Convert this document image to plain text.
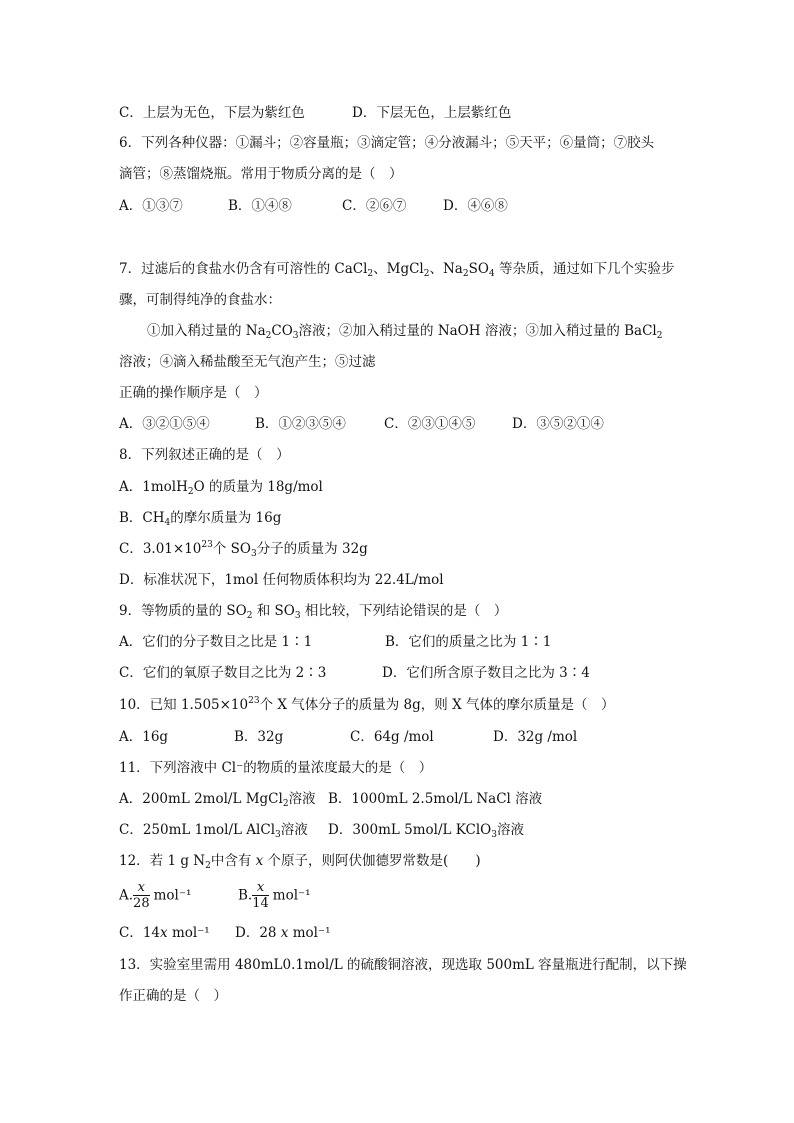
C．上层为无色，下层为紫红色	D．下层无色，上层紫红色
6．下列各种仪器：①漏斗；②容量瓶；③滴定管；④分液漏斗；⑤天平；⑥量筒；⑦胶头
滴管；⑧蒸馏烧瓶。常用于物质分离的是（　）
A．①③⑦	B．①④⑧	C．②⑥⑦	D．④⑥⑧
7．过滤后的食盐水仍含有可溶性的 CaCl$_2$、MgCl$_2$、$Na_2SO_4$ 等杂质，通过如下几个实验步
骤，可制得纯净的食盐水：
①加入稍过量的 $Na_2CO_3$溶液；②加入稍过量的 NaOH 溶液；③加入稍过量的 BaCl$_2$
溶液；④滴入稀盐酸至无气泡产生；⑤过滤
正确的操作顺序是（　）
A．③②①⑤④	B．①②③⑤④	C．②③①④⑤	D．③⑤②①④
8．下列叙述正确的是（　）
A．1molH$_2$O 的质量为 18g/mol
B．$CH_4$的摩尔质量为 16g
C．$3.01\times 10^{23}$个 $SO_3$分子的质量为 32g
D．标准状况下，1mol 任何物质体积均为 22.4L/mol
9．等物质的量的 $SO_2$ 和 $SO_3$ 相比较，下列结论错误的是（　）
A．它们的分子数目之比是 1∶1	B．它们的质量之比为 1∶1
C．它们的氧原子数目之比为 2∶3	D．它们所含原子数目之比为 3∶4
10．已知 $1.505\times 10^{23}$个 X 气体分子的质量为 8g，则 X 气体的摩尔质量是（　）
A．16g	B．32g	C．64g /mol	D．32g /mol
11．下列溶液中 Cl⁻的物质的量浓度最大的是（　）
A．200mL 2mol/L MgCl$_2$溶液 B．1000mL 2.5mol/L NaCl 溶液
C．250mL 1mol/L AlCl$_3$溶液 D．300mL 5mol/L KClO$_3$溶液
12．若 1 g $N_2$中含有 x 个原子，则阿伏伽德罗常数是(　　)
A. $\frac{x}{28} mol^{-1}$	B. $\frac{x}{14} mol^{-1}$
C．14x mol⁻¹ D．28 x mol⁻¹
13．实验室里需用 480mL0.1mol/L 的硫酸铜溶液，现选取 500mL 容量瓶进行配制，以下操
作正确的是（　）
